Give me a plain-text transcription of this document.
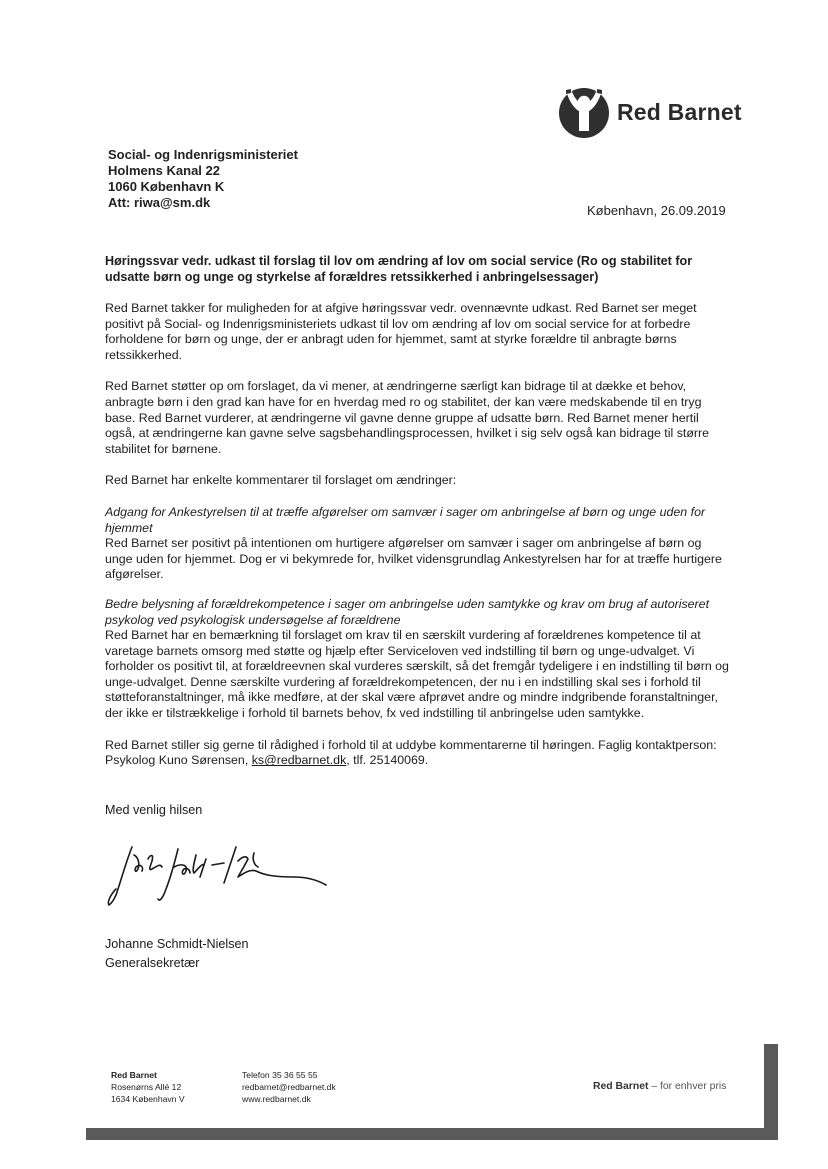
Red Barnet
Social- og Indenrigsministeriet
Holmens Kanal 22
1060 København K
Att: riwa@sm.dk
København, 26.09.2019

Høringssvar vedr. udkast til forslag til lov om ændring af lov om social service (Ro og stabilitet for udsatte børn og unge og styrkelse af forældres retssikkerhed i anbringelsessager)

Red Barnet takker for muligheden for at afgive høringssvar vedr. ovennævnte udkast. Red Barnet ser meget positivt på Social- og Indenrigsministeriets udkast til lov om ændring af lov om social service for at forbedre forholdene for børn og unge, der er anbragt uden for hjemmet, samt at styrke forældre til anbragte børns retssikkerhed.

Red Barnet støtter op om forslaget, da vi mener, at ændringerne særligt kan bidrage til at dække et behov, anbragte børn i den grad kan have for en hverdag med ro og stabilitet, der kan være medskabende til en tryg base. Red Barnet vurderer, at ændringerne vil gavne denne gruppe af udsatte børn. Red Barnet mener hertil også, at ændringerne kan gavne selve sagsbehandlingsprocessen, hvilket i sig selv også kan bidrage til større stabilitet for børnene.

Red Barnet har enkelte kommentarer til forslaget om ændringer:

Adgang for Ankestyrelsen til at træffe afgørelser om samvær i sager om anbringelse af børn og unge uden for hjemmet
Red Barnet ser positivt på intentionen om hurtigere afgørelser om samvær i sager om anbringelse af børn og unge uden for hjemmet. Dog er vi bekymrede for, hvilket vidensgrundlag Ankestyrelsen har for at træffe hurtigere afgørelser.
Bedre belysning af forældrekompetence i sager om anbringelse uden samtykke og krav om brug af autoriseret psykolog ved psykologisk undersøgelse af forældrene
Red Barnet har en bemærkning til forslaget om krav til en særskilt vurdering af forældrenes kompetence til at varetage barnets omsorg med støtte og hjælp efter Serviceloven ved indstilling til børn og unge-udvalget. Vi forholder os positivt til, at forældreevnen skal vurderes særskilt, så det fremgår tydeligere i en indstilling til børn og unge-udvalget. Denne særskilte vurdering af forældrekompetencen, der nu i en indstilling skal ses i forhold til støtteforanstaltninger, må ikke medføre, at der skal være afprøvet andre og mindre indgribende foranstaltninger, der ikke er tilstrækkelige i forhold til barnets behov, fx ved indstilling til anbringelse uden samtykke.

Red Barnet stiller sig gerne til rådighed i forhold til at uddybe kommentarerne til høringen. Faglig kontaktperson: Psykolog Kuno Sørensen, ks@redbarnet.dk, tlf. 25140069.

Med venlig hilsen
Johanne Schmidt-Nielsen
Generalsekretær
Red Barnet
Rosenørns Allé 12
1634 København V
Telefon 35 36 55 55
redbarnet@redbarnet.dk
www.redbarnet.dk
Red Barnet – for enhver pris
